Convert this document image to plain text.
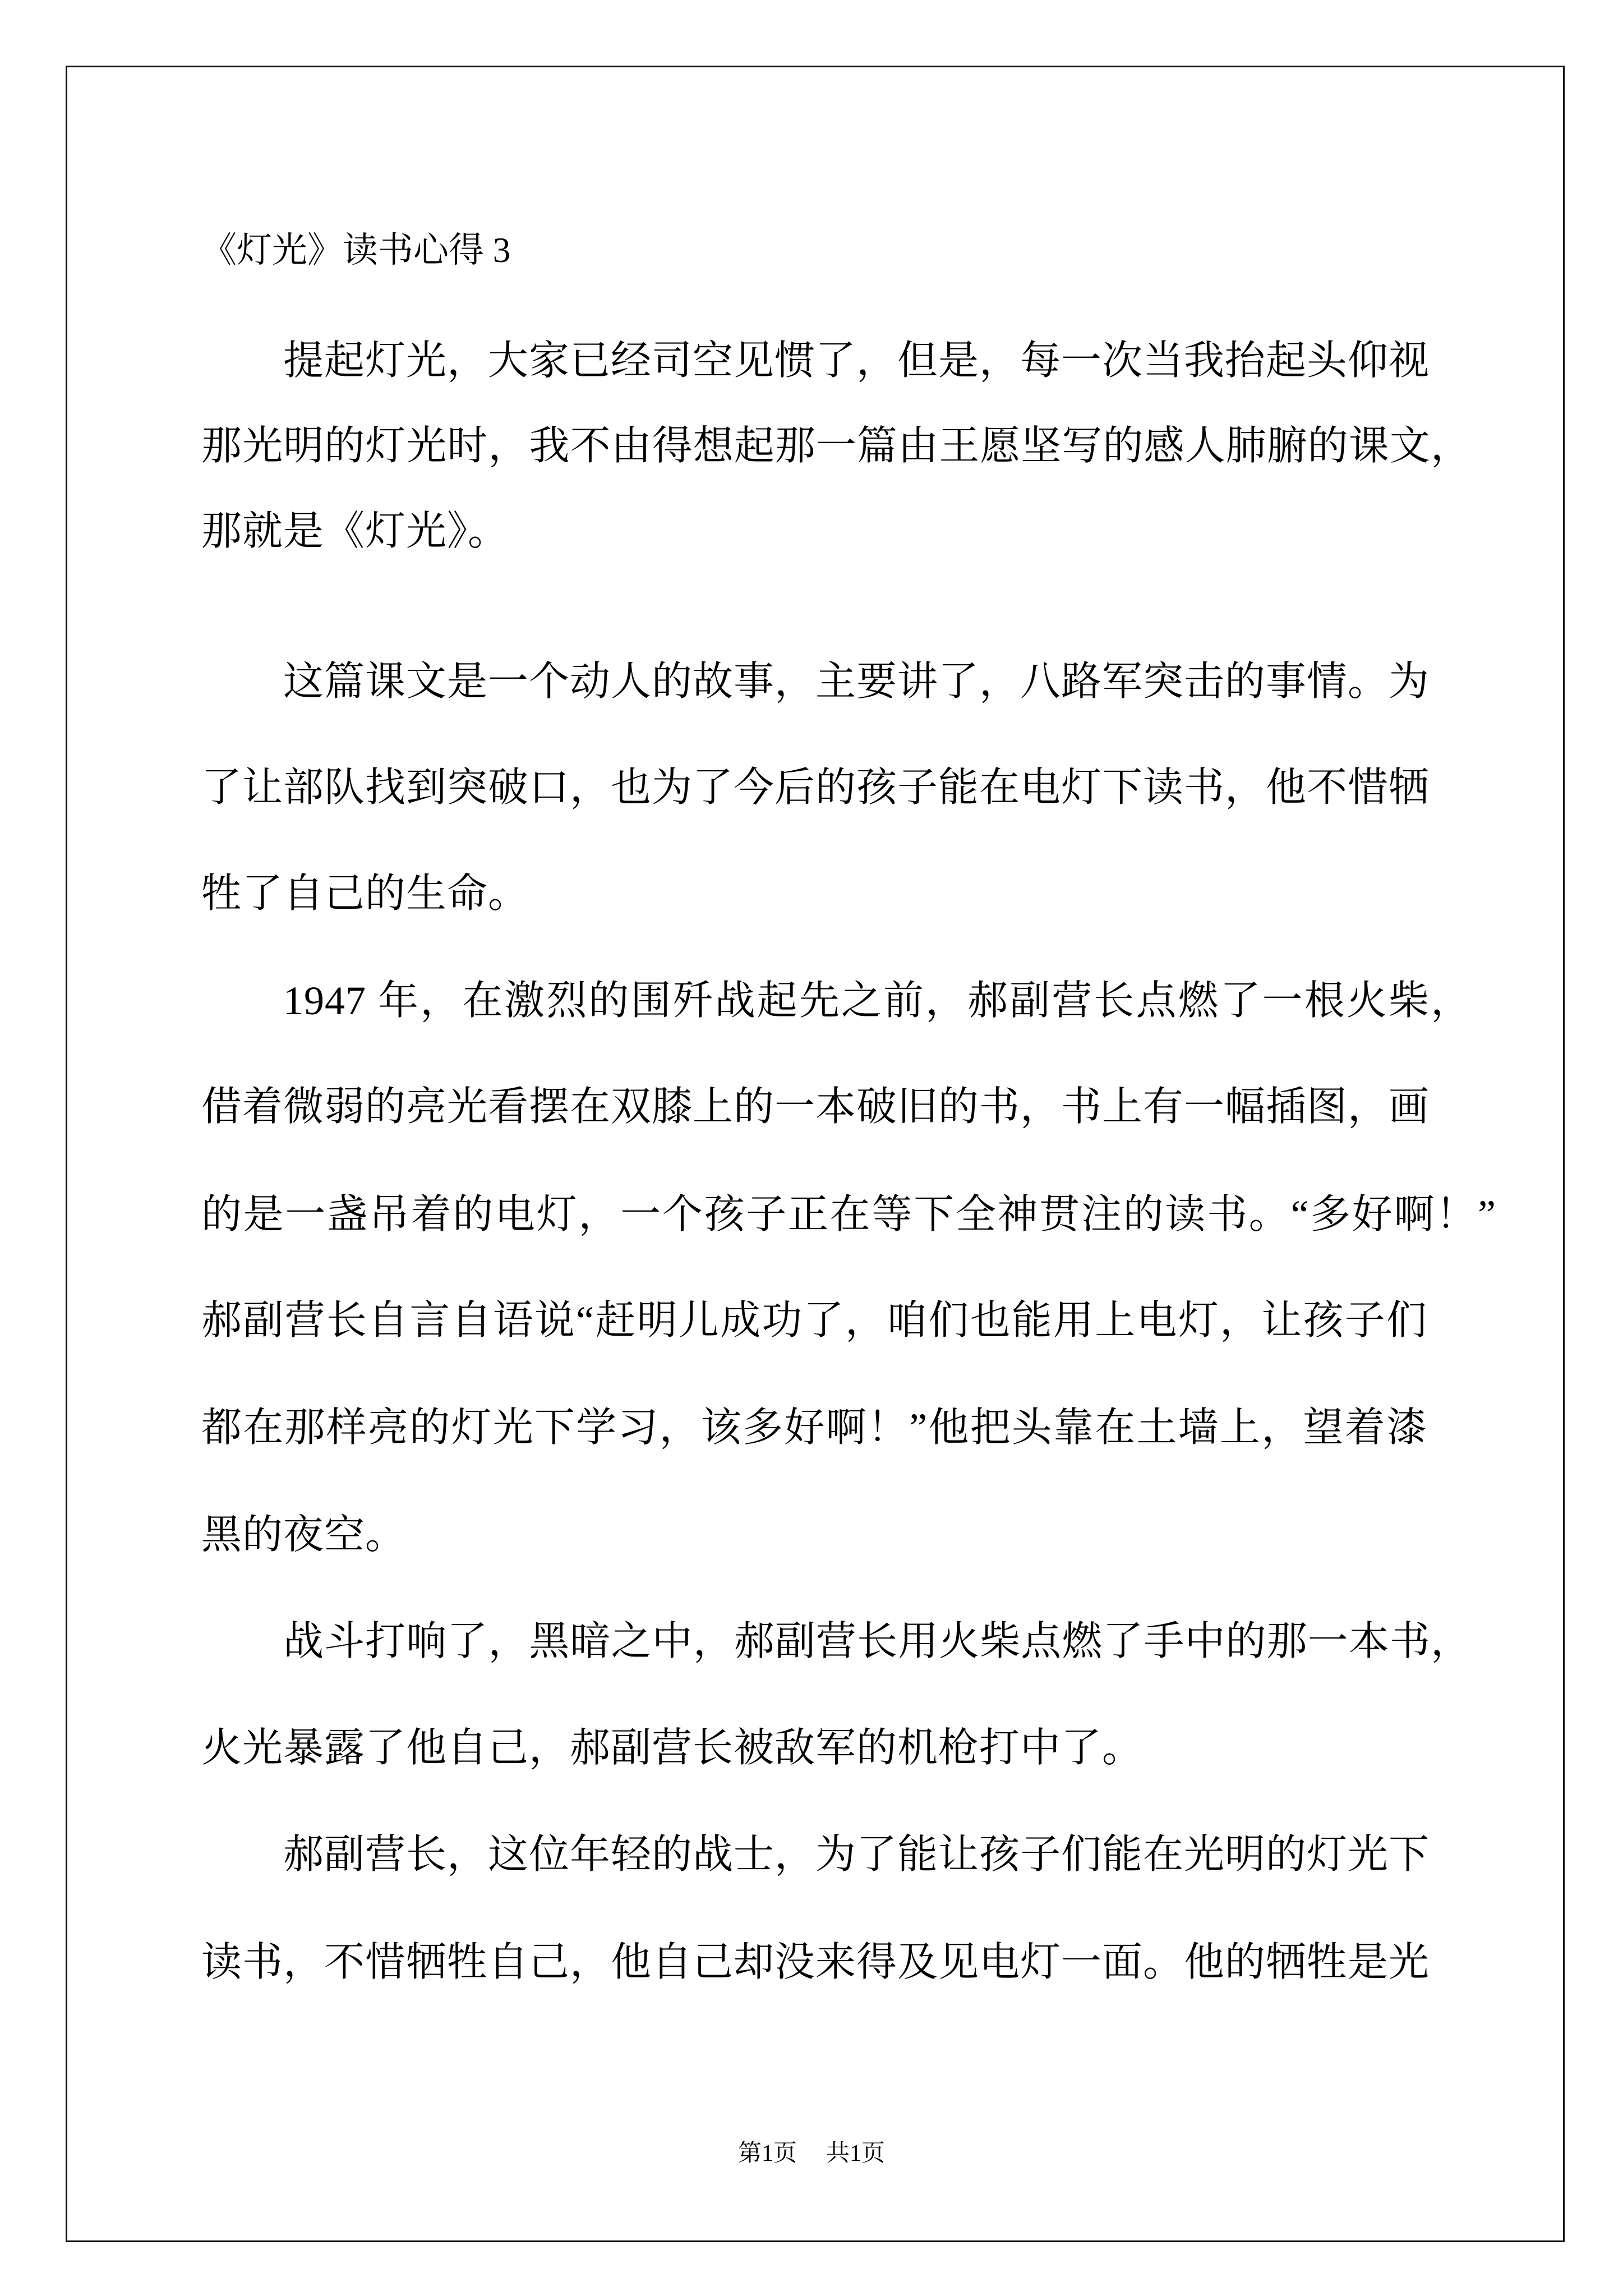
《灯光》读书心得 3
提起灯光，大家已经司空见惯了，但是，每一次当我抬起头仰视
那光明的灯光时，我不由得想起那一篇由王愿坚写的感人肺腑的课文，
那就是《灯光》。
这篇课文是一个动人的故事，主要讲了，八路军突击的事情。为
了让部队找到突破口，也为了今后的孩子能在电灯下读书，他不惜牺
牲了自己的生命。
1947 年，在激烈的围歼战起先之前，郝副营长点燃了一根火柴，
借着微弱的亮光看摆在双膝上的一本破旧的书，书上有一幅插图，画
的是一盏吊着的电灯，一个孩子正在等下全神贯注的读书。“多好啊！”
郝副营长自言自语说“赶明儿成功了，咱们也能用上电灯，让孩子们
都在那样亮的灯光下学习，该多好啊！”他把头靠在土墙上，望着漆
黑的夜空。
战斗打响了，黑暗之中，郝副营长用火柴点燃了手中的那一本书，
火光暴露了他自己，郝副营长被敌军的机枪打中了。
郝副营长，这位年轻的战士，为了能让孩子们能在光明的灯光下
读书，不惜牺牲自己，他自己却没来得及见电灯一面。他的牺牲是光
第1页 共1页
